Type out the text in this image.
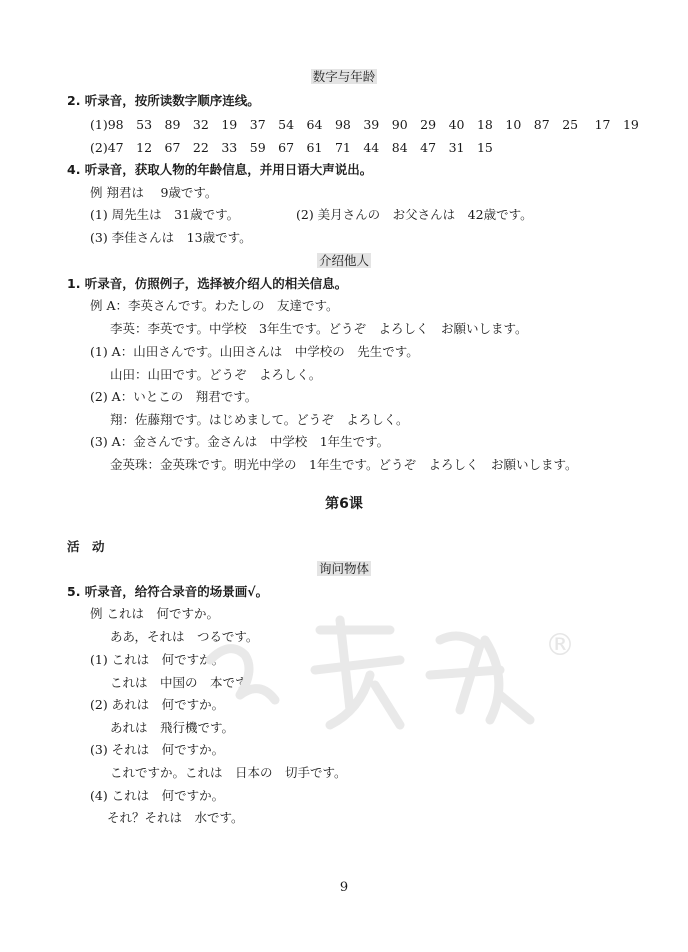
数字与年龄
2. 听录音，按所读数字顺序连线。
(1)98　53　89　32　19　37　54　64　98　39　90　29　40　18　10　87　25　 17　19
(2)47　12　67　22　33　59　67　61　71　44　84　47　31　15
4. 听录音，获取人物的年龄信息，并用日语大声说出。
例 翔君は　 9歳です。
(1) 周先生は　31歳です。	(2) 美月さんの　お父さんは　42歳です。
(3) 李佳さんは　13歳です。
介绍他人
1. 听录音，仿照例子，选择被介绍人的相关信息。
例 A：李英さんです。わたしの　友達です。
李英：李英です。中学校　3年生です。どうぞ　よろしく　お願いします。
(1) A：山田さんです。山田さんは　中学校の　先生です。
山田：山田です。どうぞ　よろしく。
(2) A：いとこの　翔君です。
翔：佐藤翔です。はじめまして。どうぞ　よろしく。
(3) A：金さんです。金さんは　中学校　1年生です。
金英珠：金英珠です。明光中学の　1年生です。どうぞ　よろしく　お願いします。
第6课
活　动
询问物体
5. 听录音，给符合录音的场景画√。
例 これは　何ですか。
ああ，それは　つるです。
(1) これは　何ですか。
これは　中国の　本です。
(2) あれは　何ですか。
あれは　飛行機です。
(3) それは　何ですか。
これですか。これは　日本の　切手です。
(4) これは　何ですか。
それ？それは　水です。
®
9
